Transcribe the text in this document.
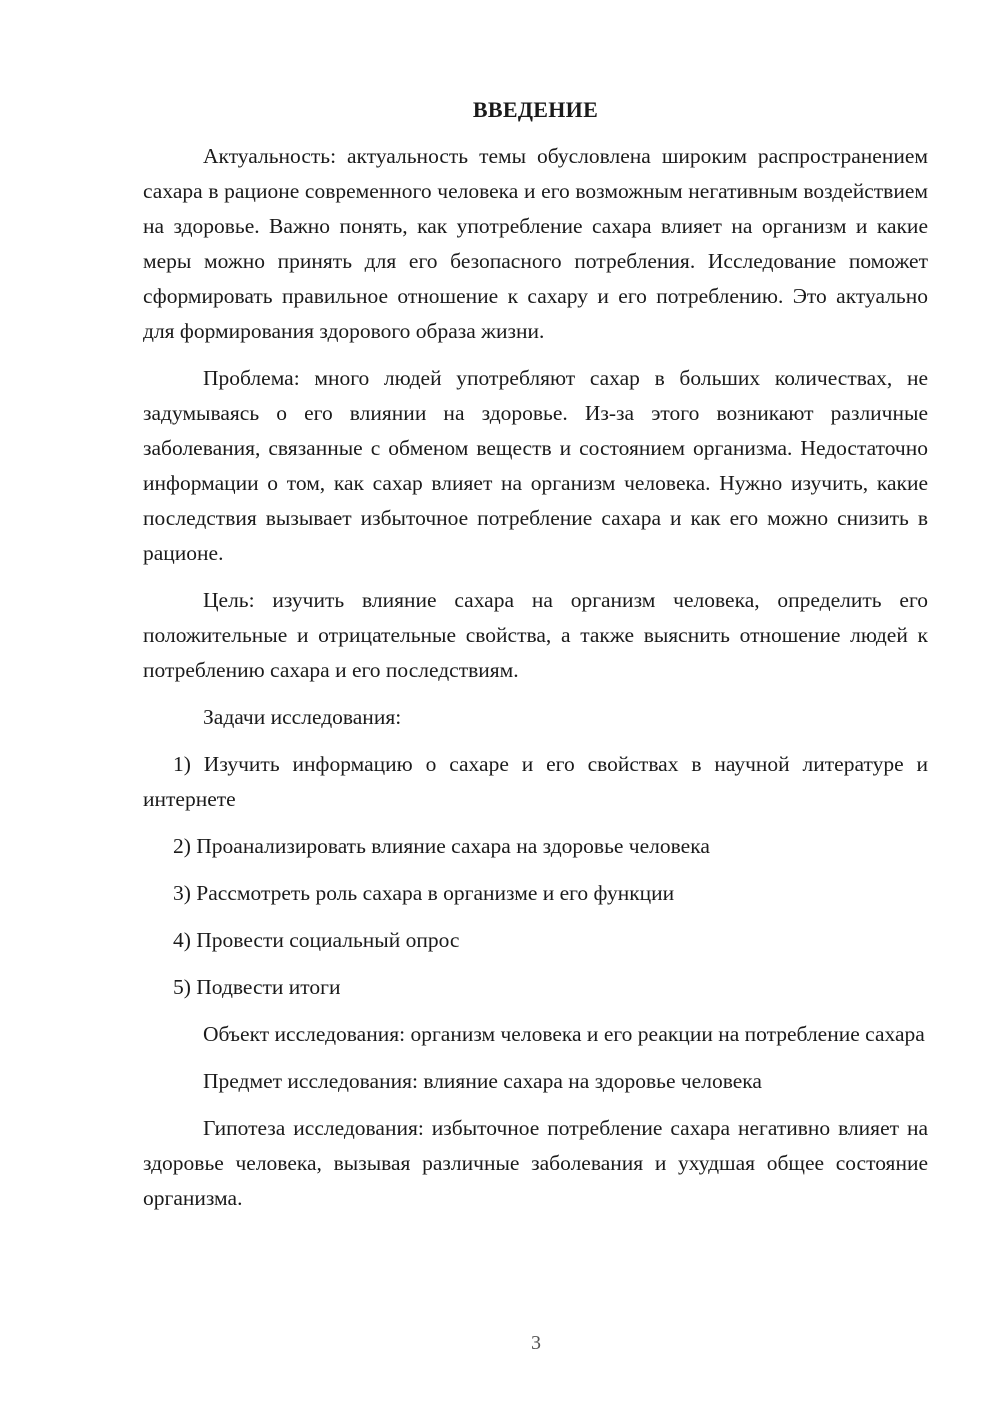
ВВЕДЕНИЕ

Актуальность: актуальность темы обусловлена широким распространением сахара в рационе современного человека и его возможным негативным воздействием на здоровье. Важно понять, как употребление сахара влияет на организм и какие меры можно принять для его безопасного потребления. Исследование поможет сформировать правильное отношение к сахару и его потреблению. Это актуально для формирования здорового образа жизни.

Проблема: много людей употребляют сахар в больших количествах, не задумываясь о его влиянии на здоровье. Из-за этого возникают различные заболевания, связанные с обменом веществ и состоянием организма. Недостаточно информации о том, как сахар влияет на организм человека. Нужно изучить, какие последствия вызывает избыточное потребление сахара и как его можно снизить в рационе.

Цель: изучить влияние сахара на организм человека, определить его положительные и отрицательные свойства, а также выяснить отношение людей к потреблению сахара и его последствиям.

Задачи исследования:

1) Изучить информацию о сахаре и его свойствах в научной литературе и интернете

2) Проанализировать влияние сахара на здоровье человека

3) Рассмотреть роль сахара в организме и его функции

4) Провести социальный опрос

5) Подвести итоги

Объект исследования: организм человека и его реакции на потребление сахара

Предмет исследования: влияние сахара на здоровье человека

Гипотеза исследования: избыточное потребление сахара негативно влияет на здоровье человека, вызывая различные заболевания и ухудшая общее состояние организма.

3
